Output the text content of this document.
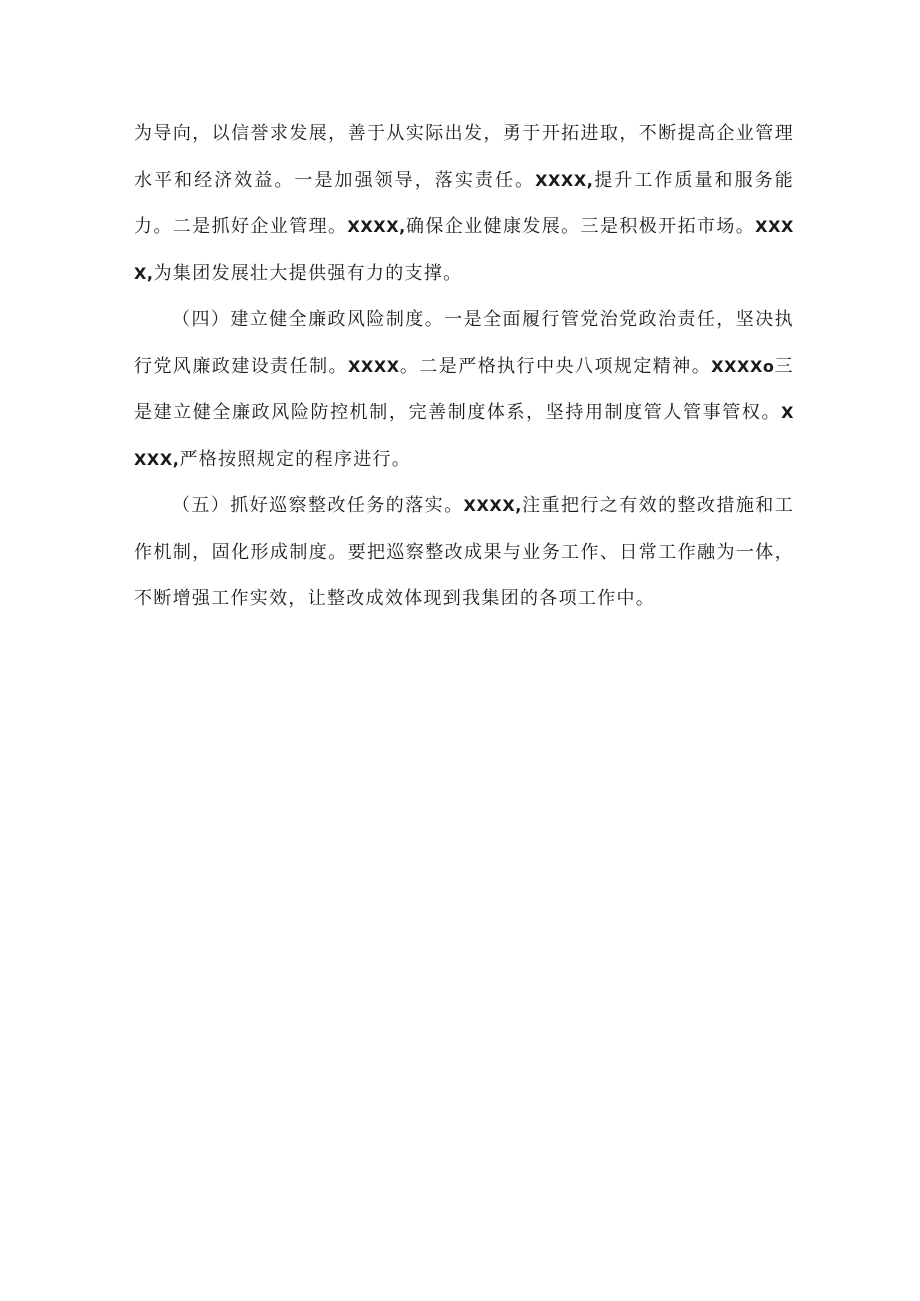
为导向，以信誉求发展，善于从实际出发，勇于开拓进取，不断提高企业管理水平和经济效益。一是加强领导，落实责任。XXXX,提升工作质量和服务能力。二是抓好企业管理。XXXX,确保企业健康发展。三是积极开拓市场。XXXX,为集团发展壮大提供强有力的支撑。

（四）建立健全廉政风险制度。一是全面履行管党治党政治责任，坚决执行党风廉政建设责任制。XXXX。二是严格执行中央八项规定精神。XXXXo三是建立健全廉政风险防控机制，完善制度体系，坚持用制度管人管事管权。XXXX,严格按照规定的程序进行。

（五）抓好巡察整改任务的落实。XXXX,注重把行之有效的整改措施和工作机制，固化形成制度。要把巡察整改成果与业务工作、日常工作融为一体，不断增强工作实效，让整改成效体现到我集团的各项工作中。
